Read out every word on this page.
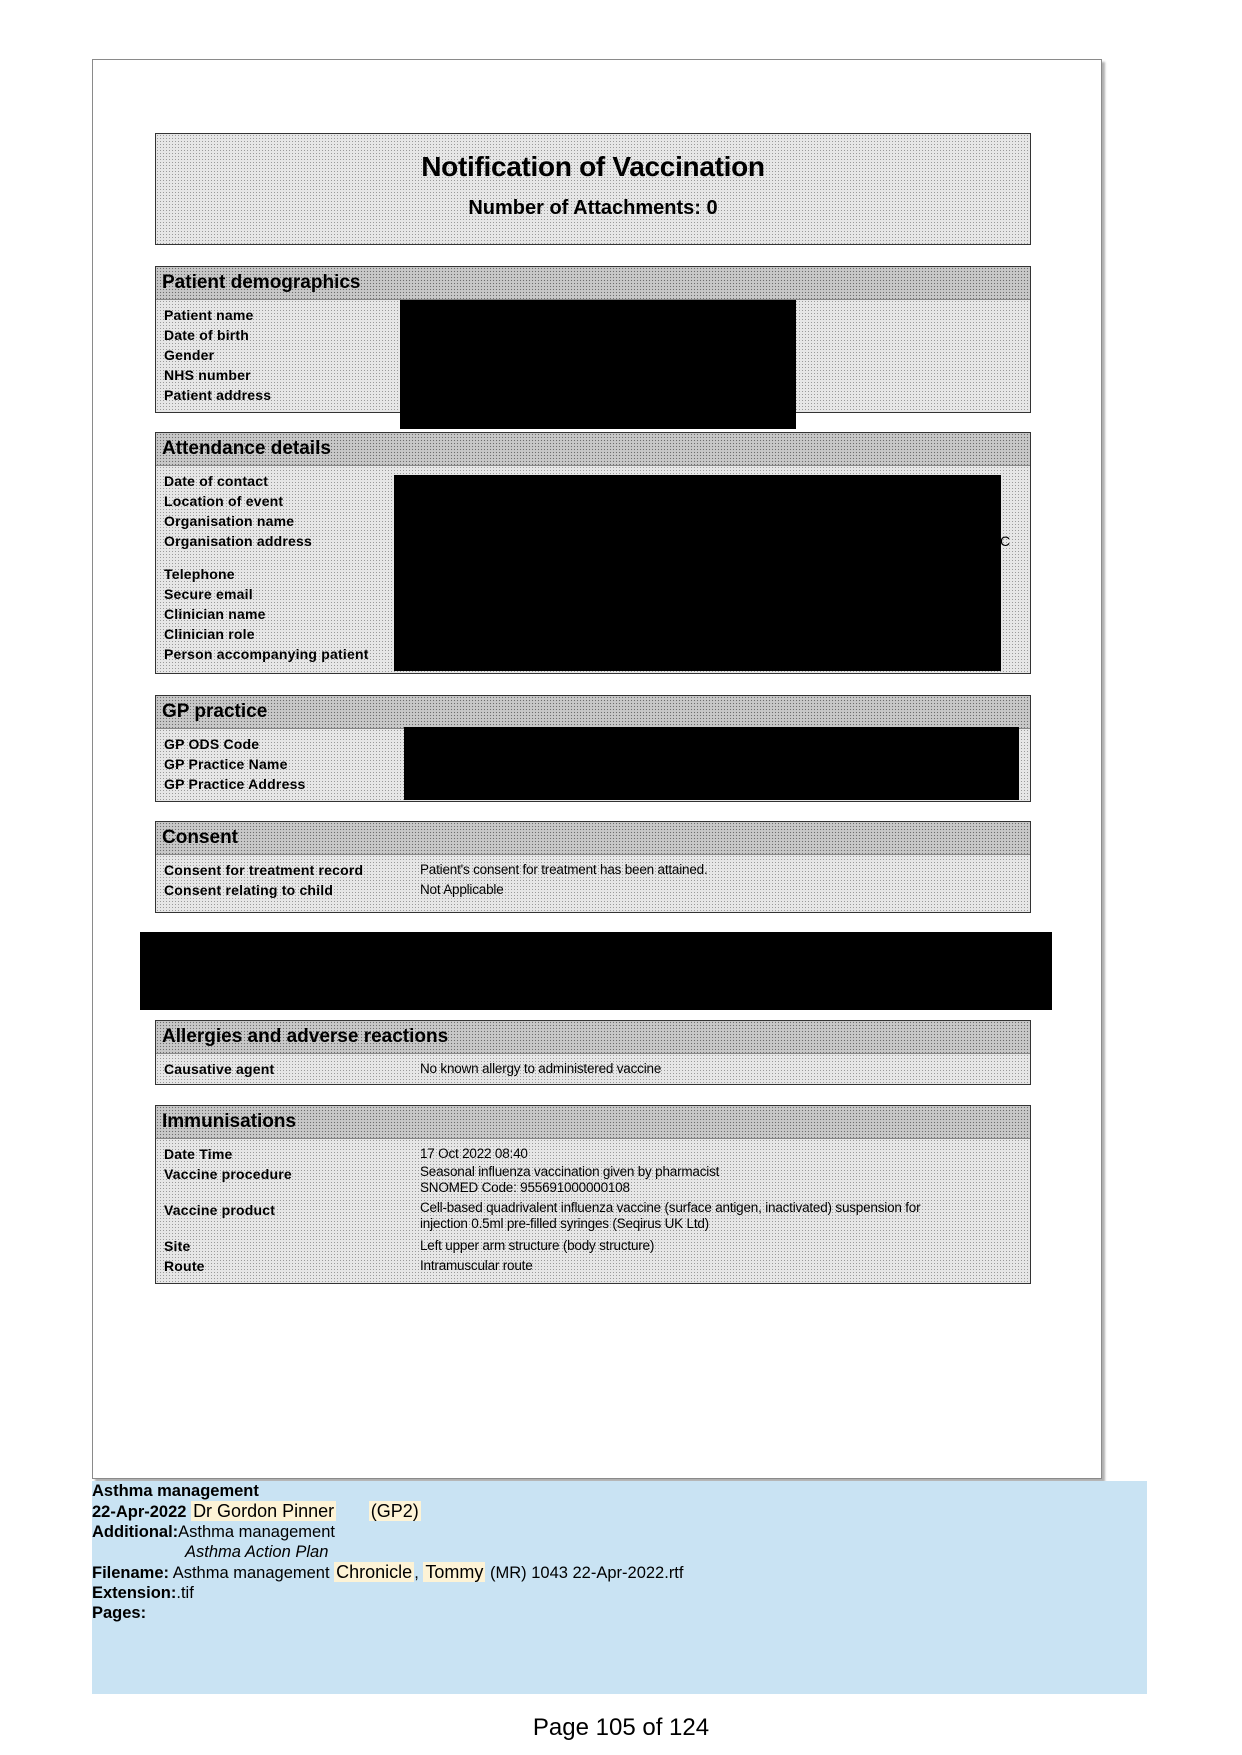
Notification of Vaccination
Number of Attachments: 0
Patient demographics
Patient name
Date of birth
Gender
NHS number
Patient address
Attendance details
Date of contact
Location of event
Organisation name
Organisation address
Telephone
Secure email
Clinician name
Clinician role
Person accompanying patient
C
GP practice
GP ODS Code
GP Practice Name
GP Practice Address
Consent
Consent for treatment record	Patient's consent for treatment has been attained.
Consent relating to child	Not Applicable
Allergies and adverse reactions
Causative agent	No known allergy to administered vaccine
Immunisations
Date Time	17 Oct 2022 08:40
Vaccine procedure	Seasonal influenza vaccination given by pharmacist
SNOMED Code: 955691000000108
Vaccine product	Cell-based quadrivalent influenza vaccine (surface antigen, inactivated) suspension for
injection 0.5ml pre-filled syringes (Seqirus UK Ltd)
Site	Left upper arm structure (body structure)
Route	Intramuscular route
Asthma management
22-Apr-2022 Dr Gordon Pinner (GP2)
Additional:Asthma management
Asthma Action Plan
Filename: Asthma management Chronicle , Tommy (MR) 1043 22-Apr-2022.rtf
Extension:.tif
Pages:
Page 105 of 124
